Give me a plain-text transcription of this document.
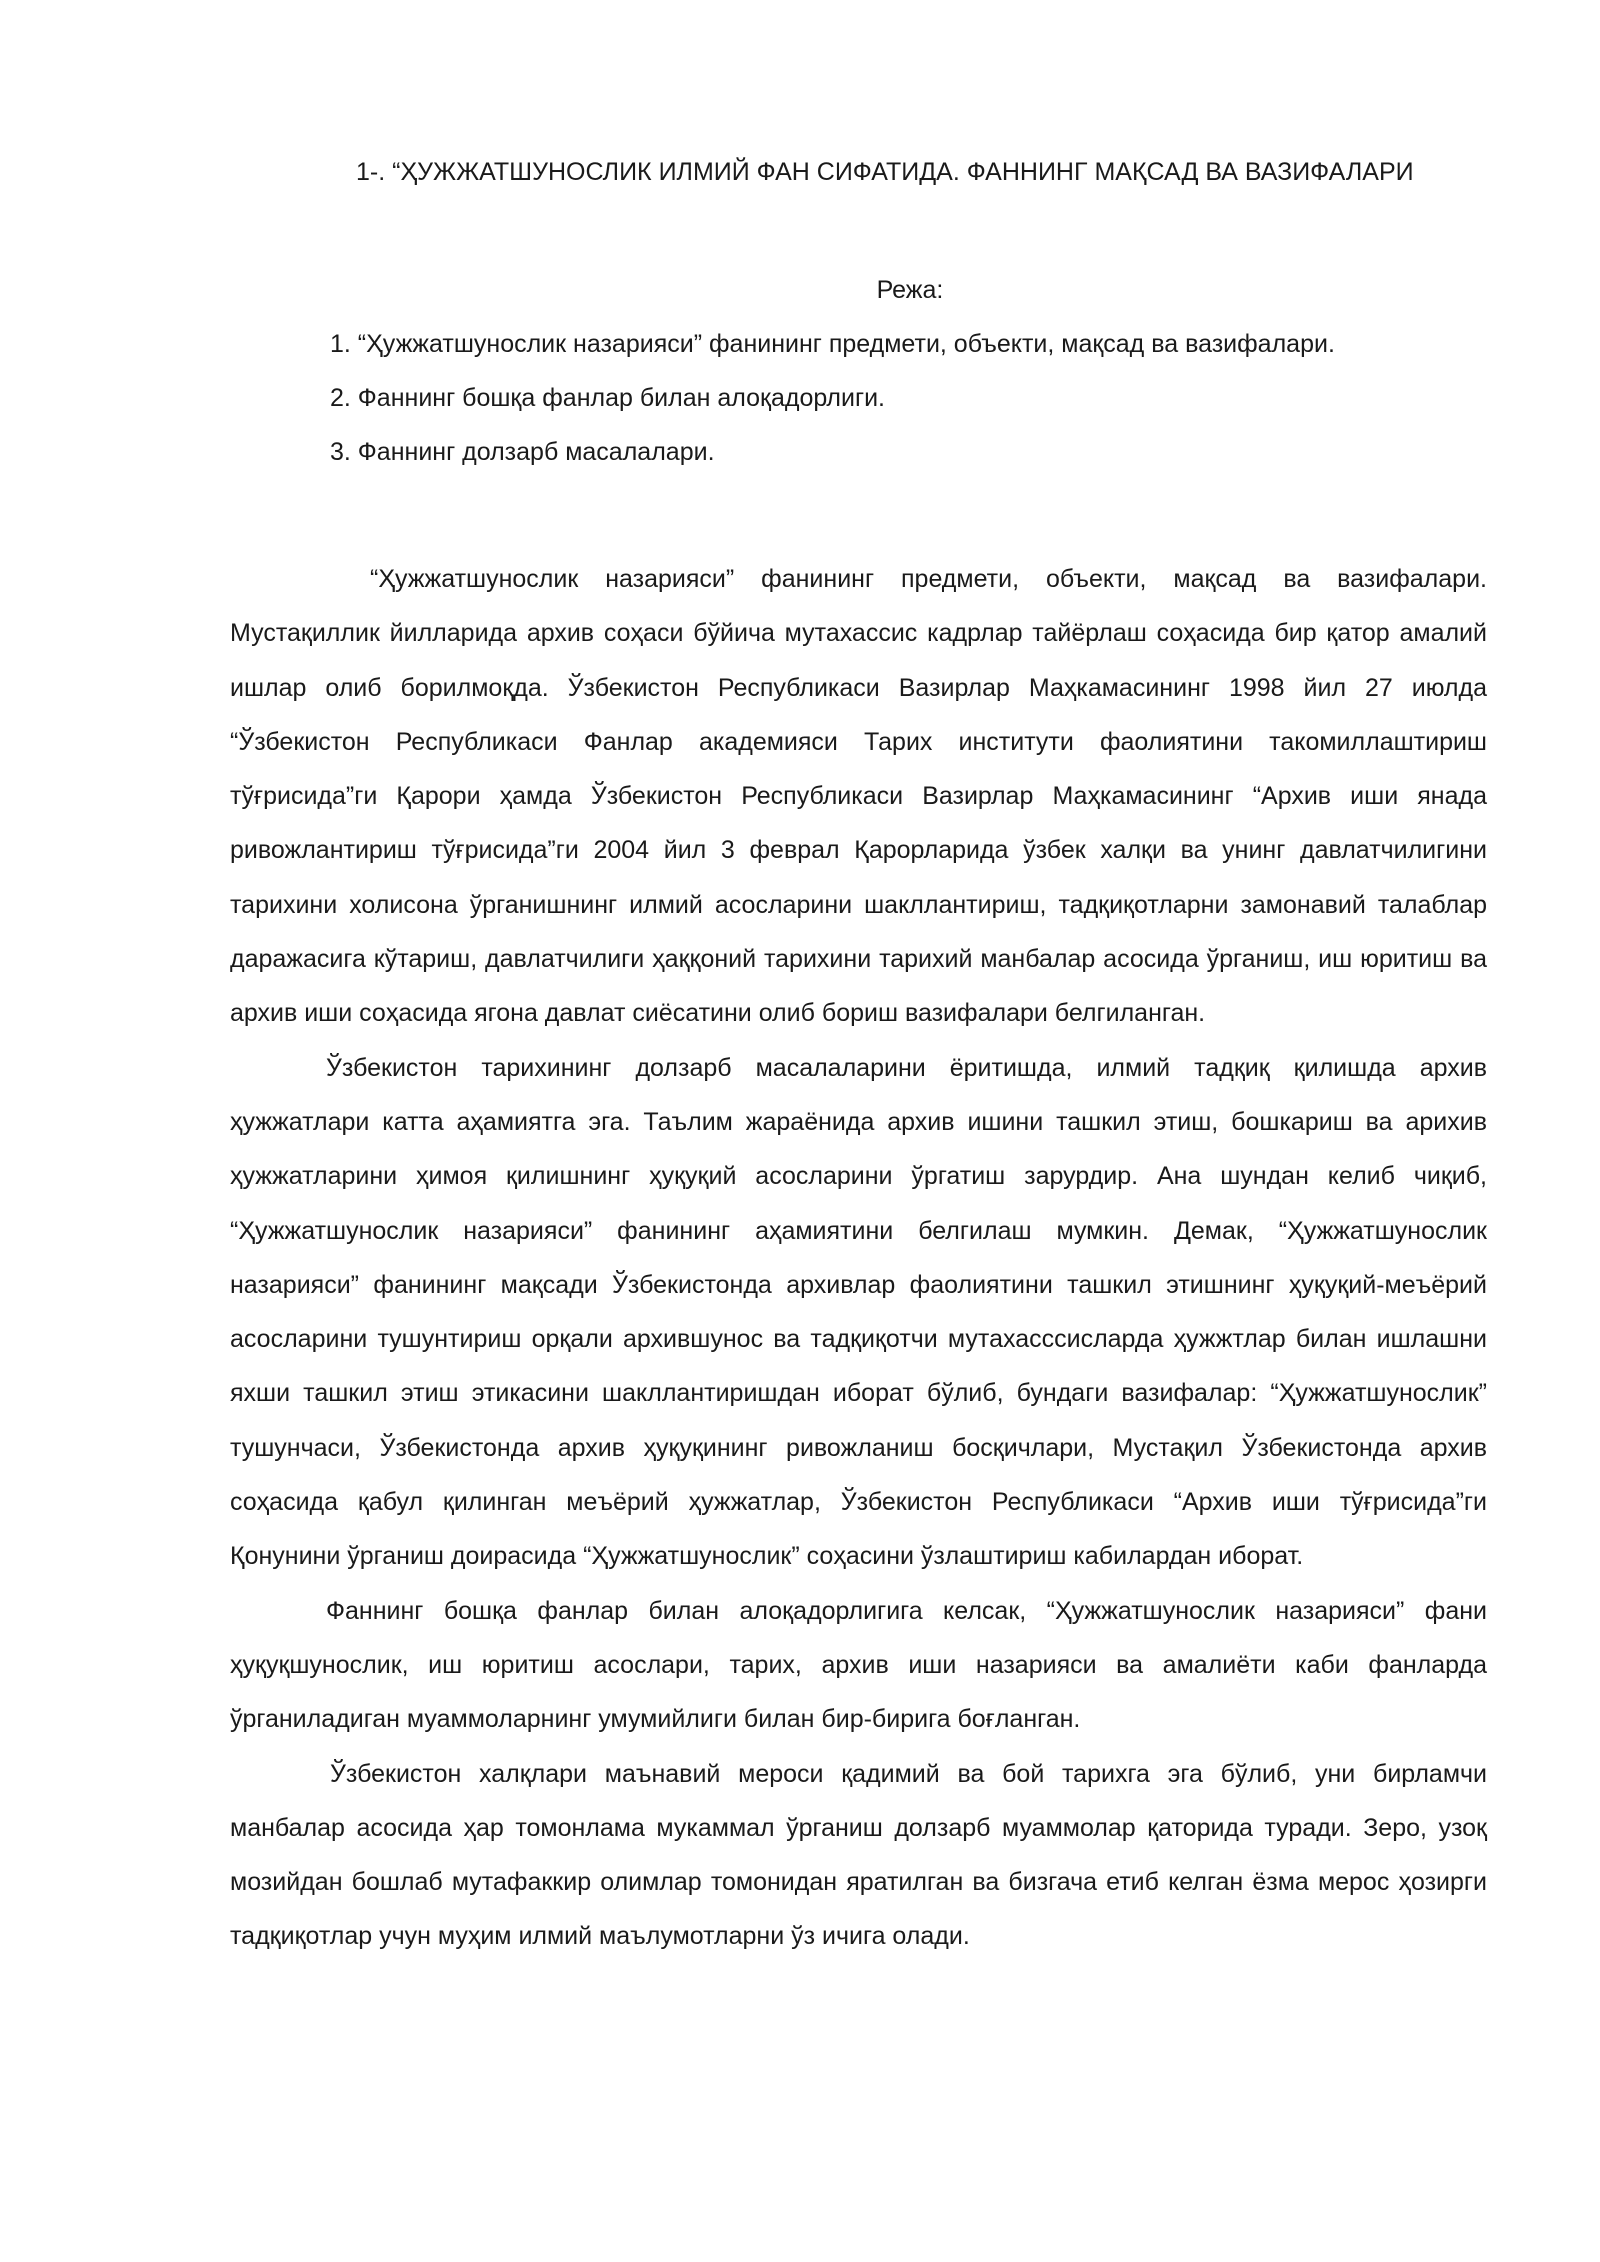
1-. “ҲУЖЖАТШУНОСЛИК ИЛМИЙ ФАН СИФАТИДА. ФАННИНГ МАҚСАД ВА ВАЗИФАЛАРИ
Режа:
1. “Ҳужжатшунослик назарияси” фанининг предмети, объекти, мақсад ва вазифалари.
2. Фаннинг бошқа фанлар билан алоқадорлиги.
3. Фаннинг долзарб масалалари.

“Ҳужжатшунослик назарияси” фанининг предмети, объекти, мақсад ва вазифалари. Мустақиллик йилларида архив соҳаси бўйича мутахассис кадрлар тайёрлаш соҳасида бир қатор амалий ишлар олиб борилмоқда. Ўзбекистон Республикаси Вазирлар Маҳкамасининг 1998 йил 27 июлда “Ўзбекистон Республикаси Фанлар академияси Тарих институти фаолиятини такомиллаштириш тўғрисида”ги Қарори ҳамда Ўзбекистон Республикаси Вазирлар Маҳкамасининг “Архив иши янада ривожлантириш тўғрисида”ги 2004 йил 3 феврал Қарорларида ўзбек халқи ва унинг давлатчилигини тарихини холисона ўрганишнинг илмий асосларини шакллантириш, тадқиқотларни замонавий талаблар даражасига кўтариш, давлатчилиги ҳаққоний тарихини тарихий манбалар асосида ўрганиш, иш юритиш ва архив иши соҳасида ягона давлат сиёсатини олиб бориш вазифалари белгиланган.

Ўзбекистон тарихининг долзарб масалаларини ёритишда, илмий тадқиқ қилишда архив ҳужжатлари катта аҳамиятга эга. Таълим жараёнида архив ишини ташкил этиш, бошкариш ва арихив ҳужжатларини ҳимоя қилишнинг ҳуқуқий асосларини ўргатиш зарурдир. Ана шундан келиб чиқиб, “Ҳужжатшунослик назарияси” фанининг аҳамиятини белгилаш мумкин. Демак, “Ҳужжатшунослик назарияси” фанининг мақсади Ўзбекистонда архивлар фаолиятини ташкил этишнинг ҳуқуқий-меъёрий асосларини тушунтириш орқали архившунос ва тадқиқотчи мутахасссисларда ҳужжтлар билан ишлашни яхши ташкил этиш этикасини шакллантиришдан иборат бўлиб, бундаги вазифалар: “Ҳужжатшунослик” тушунчаси, Ўзбекистонда архив ҳуқуқининг ривожланиш босқичлари, Мустақил Ўзбекистонда архив соҳасида қабул қилинган меъёрий ҳужжатлар, Ўзбекистон Республикаси “Архив иши тўғрисида”ги Қонунини ўрганиш доирасида “Ҳужжатшунослик” соҳасини ўзлаштириш кабилардан иборат.

Фаннинг бошқа фанлар билан алоқадорлигига келсак, “Ҳужжатшунослик назарияси” фани ҳуқуқшунослик, иш юритиш асослари, тарих, архив иши назарияси ва амалиёти каби фанларда ўрганиладиган муаммоларнинг умумийлиги билан бир-бирига боғланган.

Ўзбекистон халқлари маънавий мероси қадимий ва бой тарихга эга бўлиб, уни бирламчи манбалар асосида ҳар томонлама мукаммал ўрганиш долзарб муаммолар қаторида туради. Зеро, узоқ мозийдан бошлаб мутафаккир олимлар томонидан яратилган ва бизгача етиб келган ёзма мерос ҳозирги тадқиқотлар учун муҳим илмий маълумотларни ўз ичига олади.
